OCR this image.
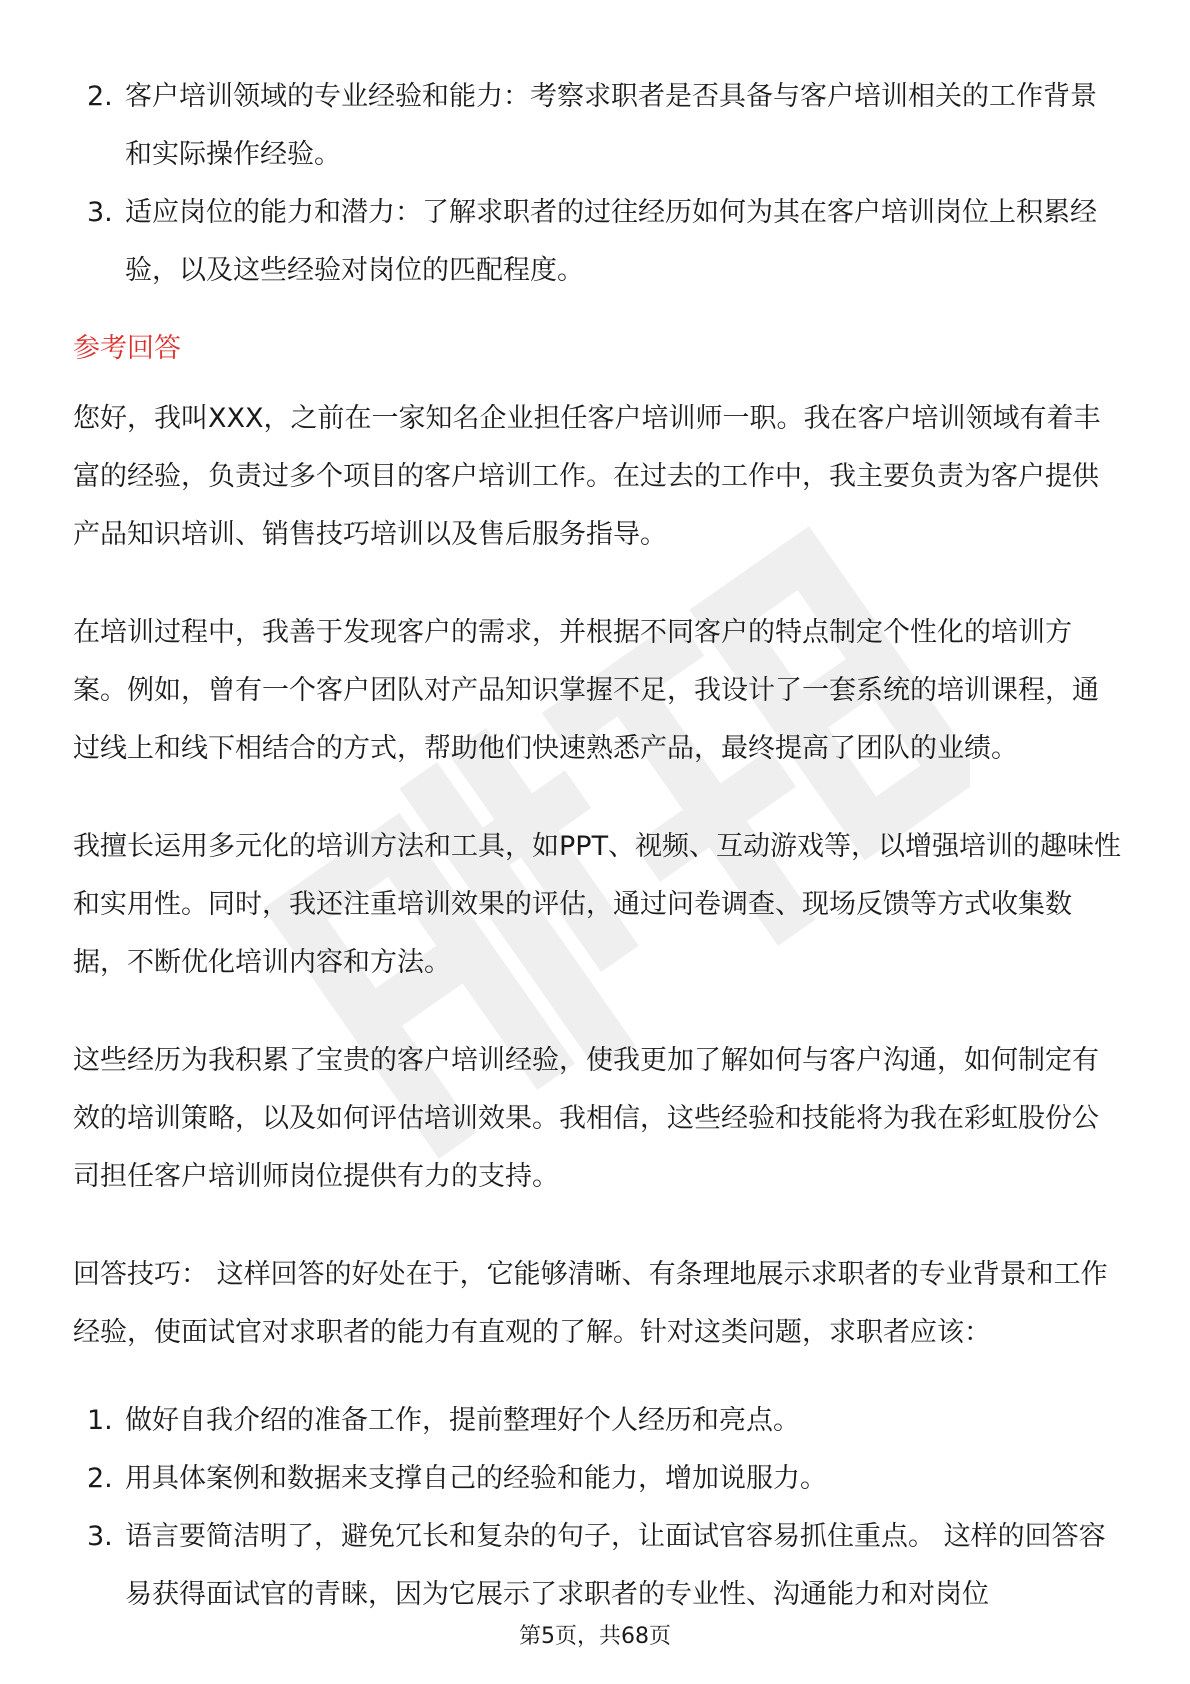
2. 客户培训领域的专业经验和能力：考察求职者是否具备与客户培训相关的工作背景和实际操作经验。
3. 适应岗位的能力和潜力：了解求职者的过往经历如何为其在客户培训岗位上积累经验，以及这些经验对岗位的匹配程度。
参考回答

您好，我叫XXX，之前在一家知名企业担任客户培训师一职。我在客户培训领域有着丰富的经验，负责过多个项目的客户培训工作。在过去的工作中，我主要负责为客户提供产品知识培训、销售技巧培训以及售后服务指导。

在培训过程中，我善于发现客户的需求，并根据不同客户的特点制定个性化的培训方案。例如，曾有一个客户团队对产品知识掌握不足，我设计了一套系统的培训课程，通过线上和线下相结合的方式，帮助他们快速熟悉产品，最终提高了团队的业绩。

我擅长运用多元化的培训方法和工具，如PPT、视频、互动游戏等，以增强培训的趣味性和实用性。同时，我还注重培训效果的评估，通过问卷调查、现场反馈等方式收集数据，不断优化培训内容和方法。

这些经历为我积累了宝贵的客户培训经验，使我更加了解如何与客户沟通，如何制定有效的培训策略，以及如何评估培训效果。我相信，这些经验和技能将为我在彩虹股份公司担任客户培训师岗位提供有力的支持。

回答技巧： 这样回答的好处在于，它能够清晰、有条理地展示求职者的专业背景和工作经验，使面试官对求职者的能力有直观的了解。针对这类问题，求职者应该：

1. 做好自我介绍的准备工作，提前整理好个人经历和亮点。
2. 用具体案例和数据来支撑自己的经验和能力，增加说服力。
3. 语言要简洁明了，避免冗长和复杂的句子，让面试官容易抓住重点。 这样的回答容易获得面试官的青睐，因为它展示了求职者的专业性、沟通能力和对岗位
第5页，共68页
